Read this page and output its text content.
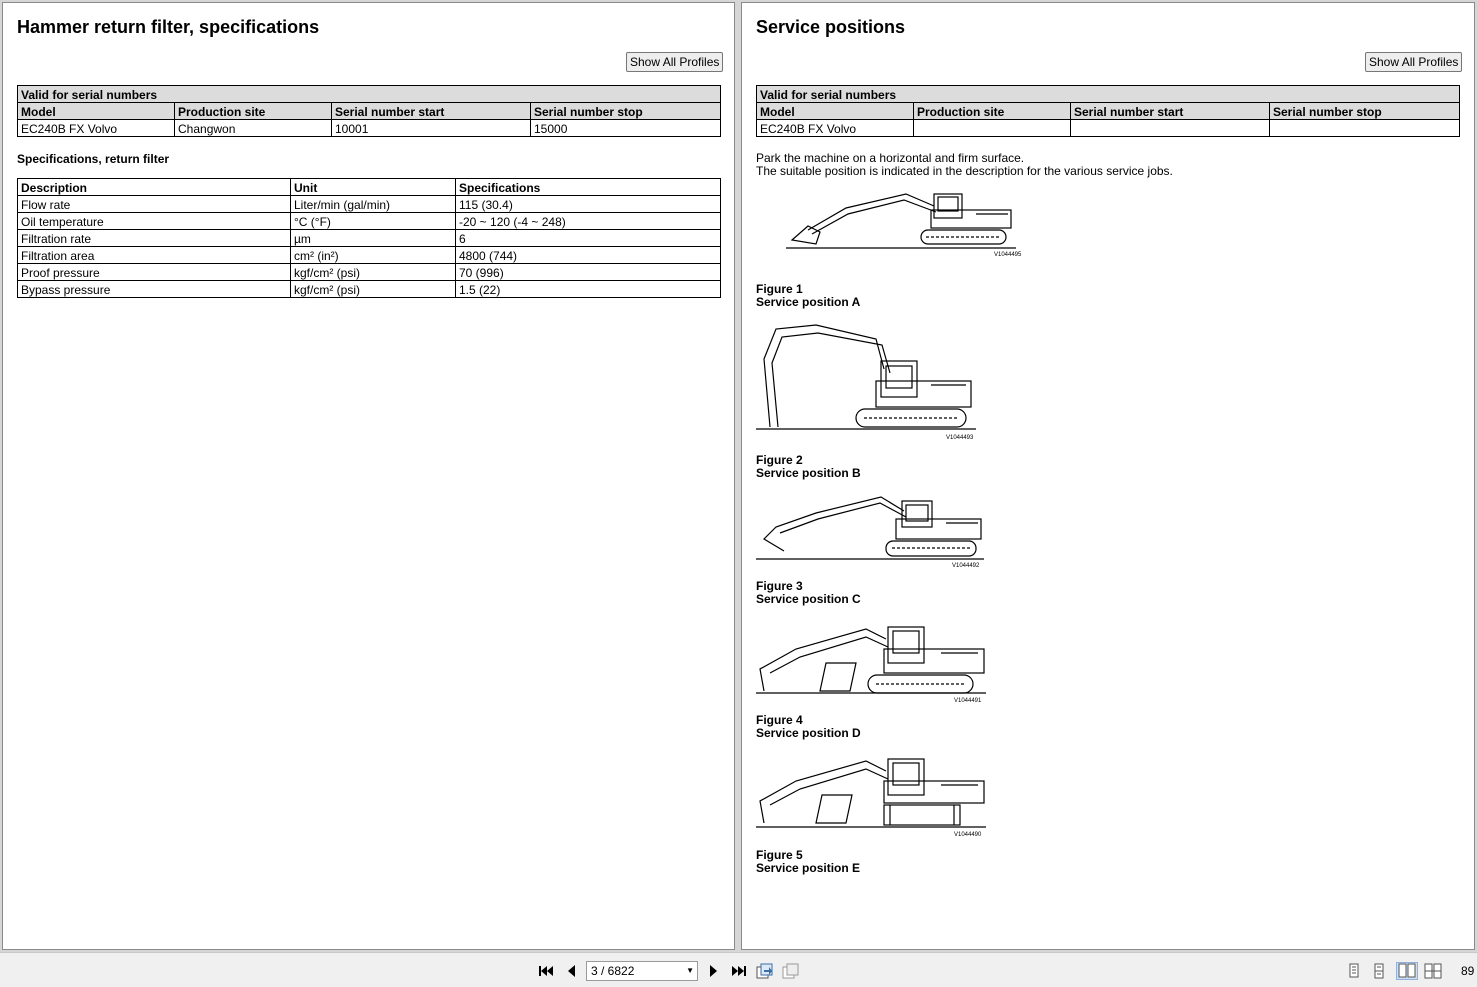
Hammer return filter, specifications
Show All Profiles
Valid for serial numbers			
Model	Production site	Serial number start	Serial number stop
EC240B FX Volvo	Changwon	10001	15000
Specifications, return filter
Description	Unit	Specifications
Flow rate	Liter/min (gal/min)	115 (30.4)
Oil temperature	°C (°F)	-20 ~ 120 (-4 ~ 248)
Filtration rate	µm	6
Filtration area	cm² (in²)	4800 (744)
Proof pressure	kgf/cm² (psi)	70 (996)
Bypass pressure	kgf/cm² (psi)	1.5 (22)
Service positions
Show All Profiles
Valid for serial numbers			
Model	Production site	Serial number start	Serial number stop
EC240B FX Volvo			
Park the machine on a horizontal and firm surface.
The suitable position is indicated in the description for the various service jobs.
V1044495
Figure 1
Service position A
V1044493
Figure 2
Service position B
V1044492
Figure 3
Service position C
V1044491
Figure 4
Service position D
V1044490
Figure 5
Service position E
3 / 6822	▼	89
